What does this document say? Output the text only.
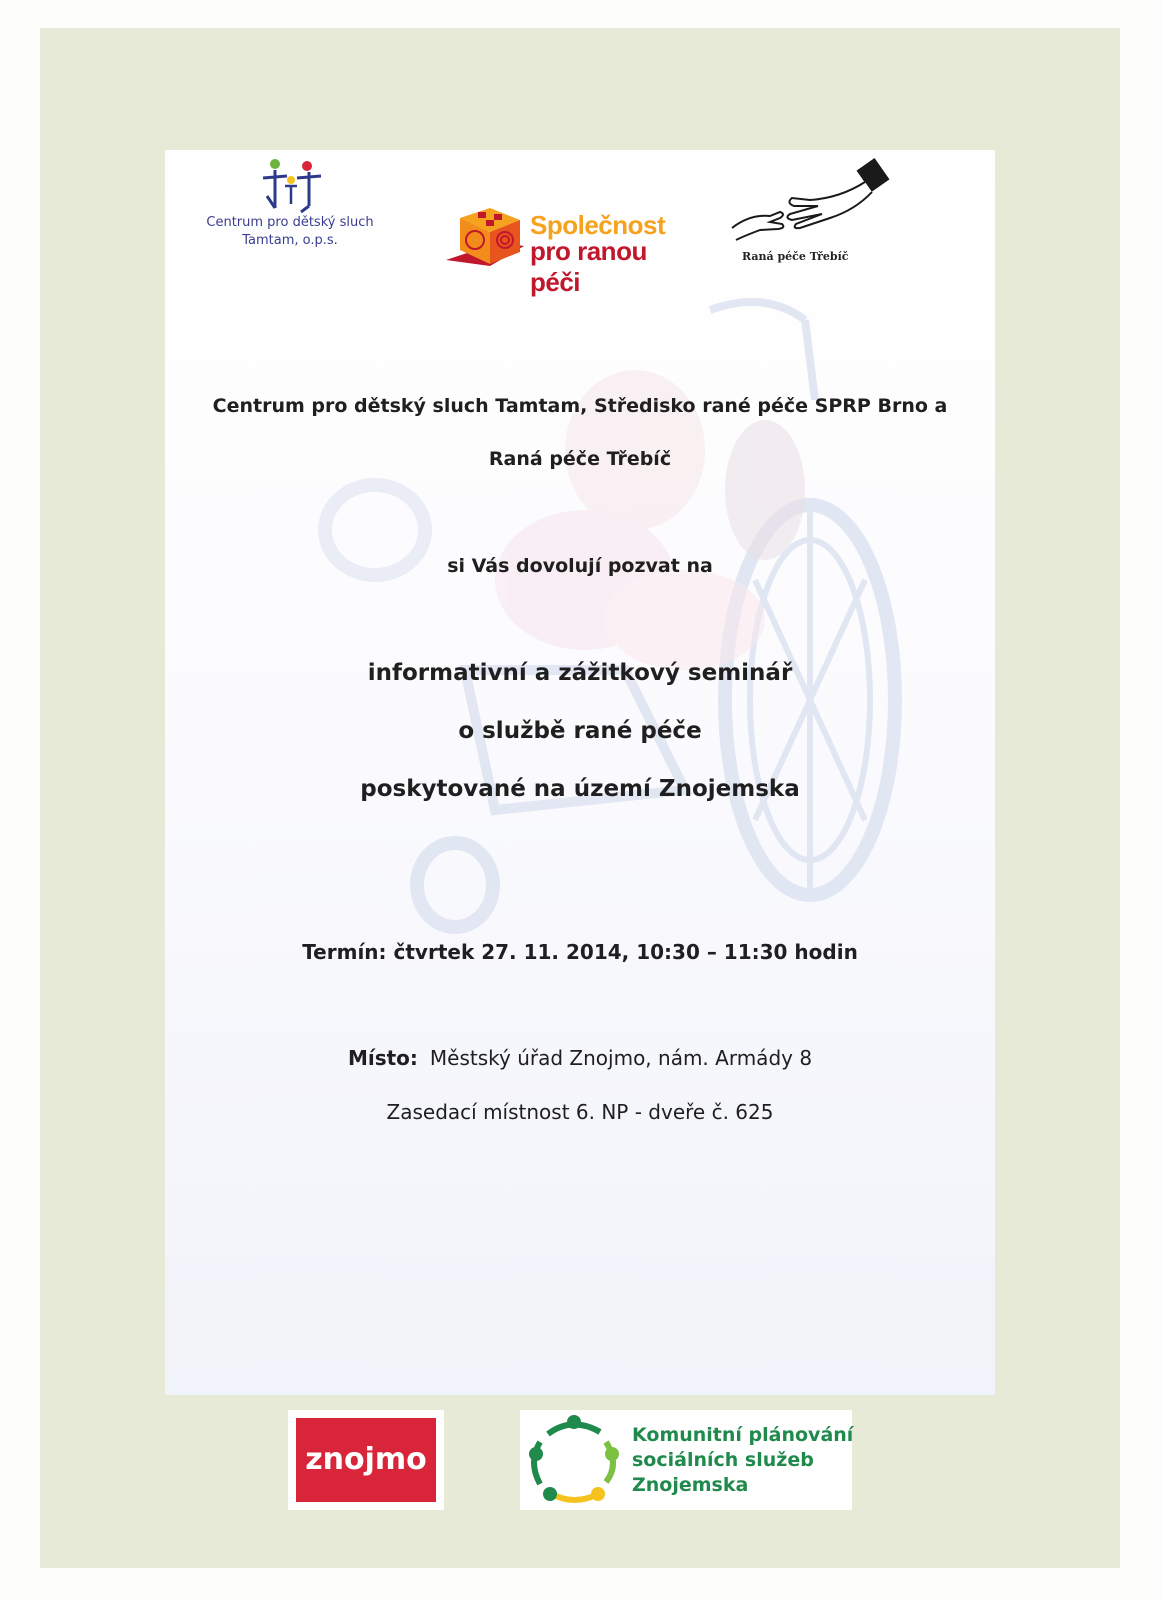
Centrum pro dětský sluch
Tamtam, o.p.s.
Společnost
pro ranou péči
Raná péče Třebíč
Centrum pro dětský sluch Tamtam, Středisko rané péče SPRP Brno a
Raná péče Třebíč
si Vás dovolují pozvat na
informativní a zážitkový seminář
o službě rané péče
poskytované na území Znojemska
Termín: čtvrtek 27. 11. 2014, 10:30 – 11:30 hodin
Místo: Městský úřad Znojmo, nám. Armády 8
Zasedací místnost 6. NP - dveře č. 625
znojmo
Komunitní plánování
sociálních služeb
Znojemska
